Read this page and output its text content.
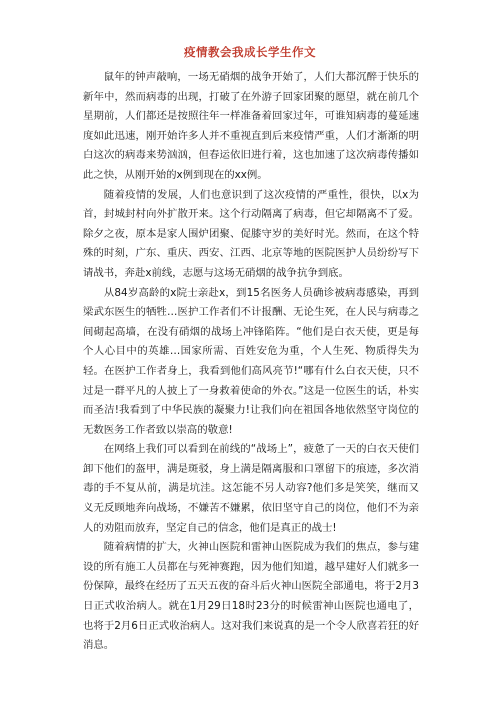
疫情教会我成长学生作文

鼠年的钟声敲响，一场无硝烟的战争开始了，人们大都沉醉于快乐的新年中，然而病毒的出现，打破了在外游子回家团聚的愿望，就在前几个星期前，人们都还是按照往年一样准备着回家过年，可谁知病毒的蔓延速度如此迅速，刚开始许多人并不重视直到后来疫情严重，人们才渐渐的明白这次的病毒来势汹汹，但春运依旧进行着，这也加速了这次病毒传播如此之快，从刚开始的x例到现在的xx例。

随着疫情的发展，人们也意识到了这次疫情的严重性，很快，以x为首，封城封村向外扩散开来。这个行动隔离了病毒，但它却隔离不了爱。除夕之夜，原本是家人围炉团聚、促膝守岁的美好时光。然而，在这个特殊的时刻，广东、重庆、西安、江西、北京等地的医院医护人员纷纷写下请战书，奔赴x前线，志愿与这场无硝烟的战争抗争到底。

从84岁高龄的x院士亲赴x，到15名医务人员确诊被病毒感染，再到梁武东医生的牺牲…医护工作者们不计报酬、无论生死，在人民与病毒之间砌起高墙，在没有硝烟的战场上冲锋陷阵。“他们是白衣天使，更是每个人心目中的英雄…国家所需、百姓安危为重，个人生死、物质得失为轻。在医护工作者身上，我看到他们高风亮节!“哪有什么白衣天使，只不过是一群平凡的人披上了一身救着使命的外衣。”这是一位医生的话，朴实而圣洁!我看到了中华民族的凝聚力!让我们向在祖国各地依然坚守岗位的无数医务工作者致以崇高的敬意!

在网络上我们可以看到在前线的“战场上”，疲惫了一天的白衣天使们卸下他们的盔甲，满是斑驳，身上满是隔离服和口罩留下的痕迹，多次消毒的手不复从前，满是坑洼。这怎能不另人动容?他们多是笑笑，继而又义无反顾地奔向战场，不嫌苦不嫌累，依旧坚守自己的岗位，他们不为亲人的劝阻而放弃，坚定自己的信念，他们是真正的战士!

随着病情的扩大，火神山医院和雷神山医院成为我们的焦点，参与建设的所有施工人员都在与死神赛跑，因为他们知道，越早建好人们就多一份保障，最终在经历了五天五夜的奋斗后火神山医院全部通电，将于2月3日正式收治病人。就在1月29日18时23分的时候雷神山医院也通电了，也将于2月6日正式收治病人。这对我们来说真的是一个令人欣喜若狂的好消息。
